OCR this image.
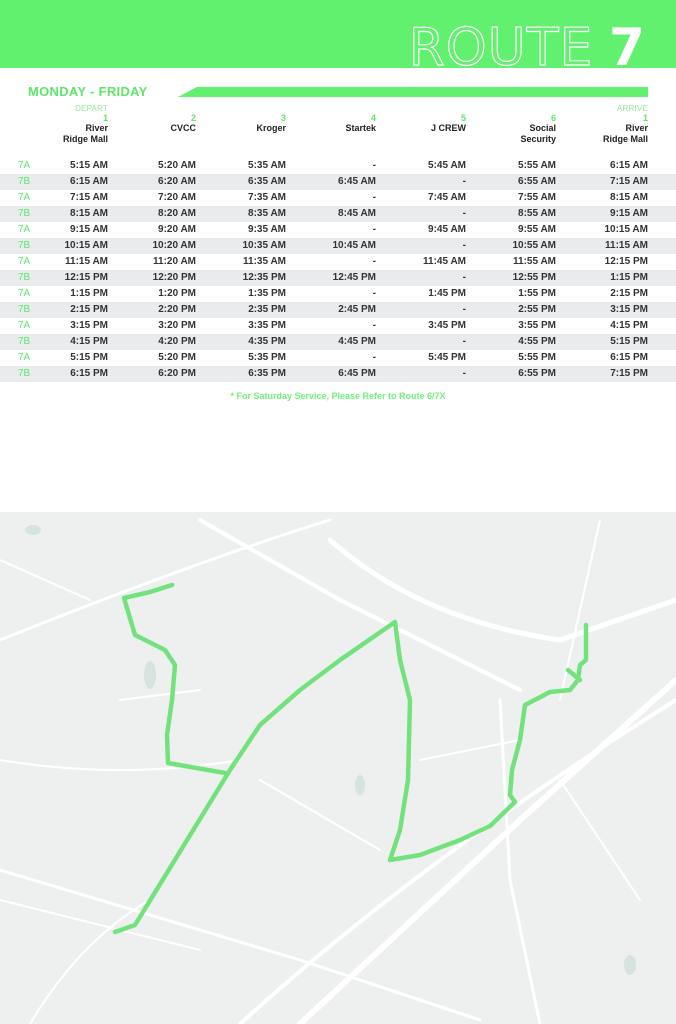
ROUTE 7
MONDAY - FRIDAY
DEPART
1
River
Ridge Mall

2
CVCC

3
Kroger

4
Startek

5
J CREW

6
Social
Security
ARRIVE
1
River
Ridge Mall
7A	5:15 AM	5:20 AM	5:35 AM	-	5:45 AM	5:55 AM	6:15 AM
7B	6:15 AM	6:20 AM	6:35 AM	6:45 AM	-	6:55 AM	7:15 AM
7A	7:15 AM	7:20 AM	7:35 AM	-	7:45 AM	7:55 AM	8:15 AM
7B	8:15 AM	8:20 AM	8:35 AM	8:45 AM	-	8:55 AM	9:15 AM
7A	9:15 AM	9:20 AM	9:35 AM	-	9:45 AM	9:55 AM	10:15 AM
7B	10:15 AM	10:20 AM	10:35 AM	10:45 AM	-	10:55 AM	11:15 AM
7A	11:15 AM	11:20 AM	11:35 AM	-	11:45 AM	11:55 AM	12:15 PM
7B	12:15 PM	12:20 PM	12:35 PM	12:45 PM	-	12:55 PM	1:15 PM
7A	1:15 PM	1:20 PM	1:35 PM	-	1:45 PM	1:55 PM	2:15 PM
7B	2:15 PM	2:20 PM	2:35 PM	2:45 PM	-	2:55 PM	3:15 PM
7A	3:15 PM	3:20 PM	3:35 PM	-	3:45 PM	3:55 PM	4:15 PM
7B	4:15 PM	4:20 PM	4:35 PM	4:45 PM	-	4:55 PM	5:15 PM
7A	5:15 PM	5:20 PM	5:35 PM	-	5:45 PM	5:55 PM	6:15 PM
7B	6:15 PM	6:20 PM	6:35 PM	6:45 PM	-	6:55 PM	7:15 PM
* For Saturday Service, Please Refer to Route 6/7X
